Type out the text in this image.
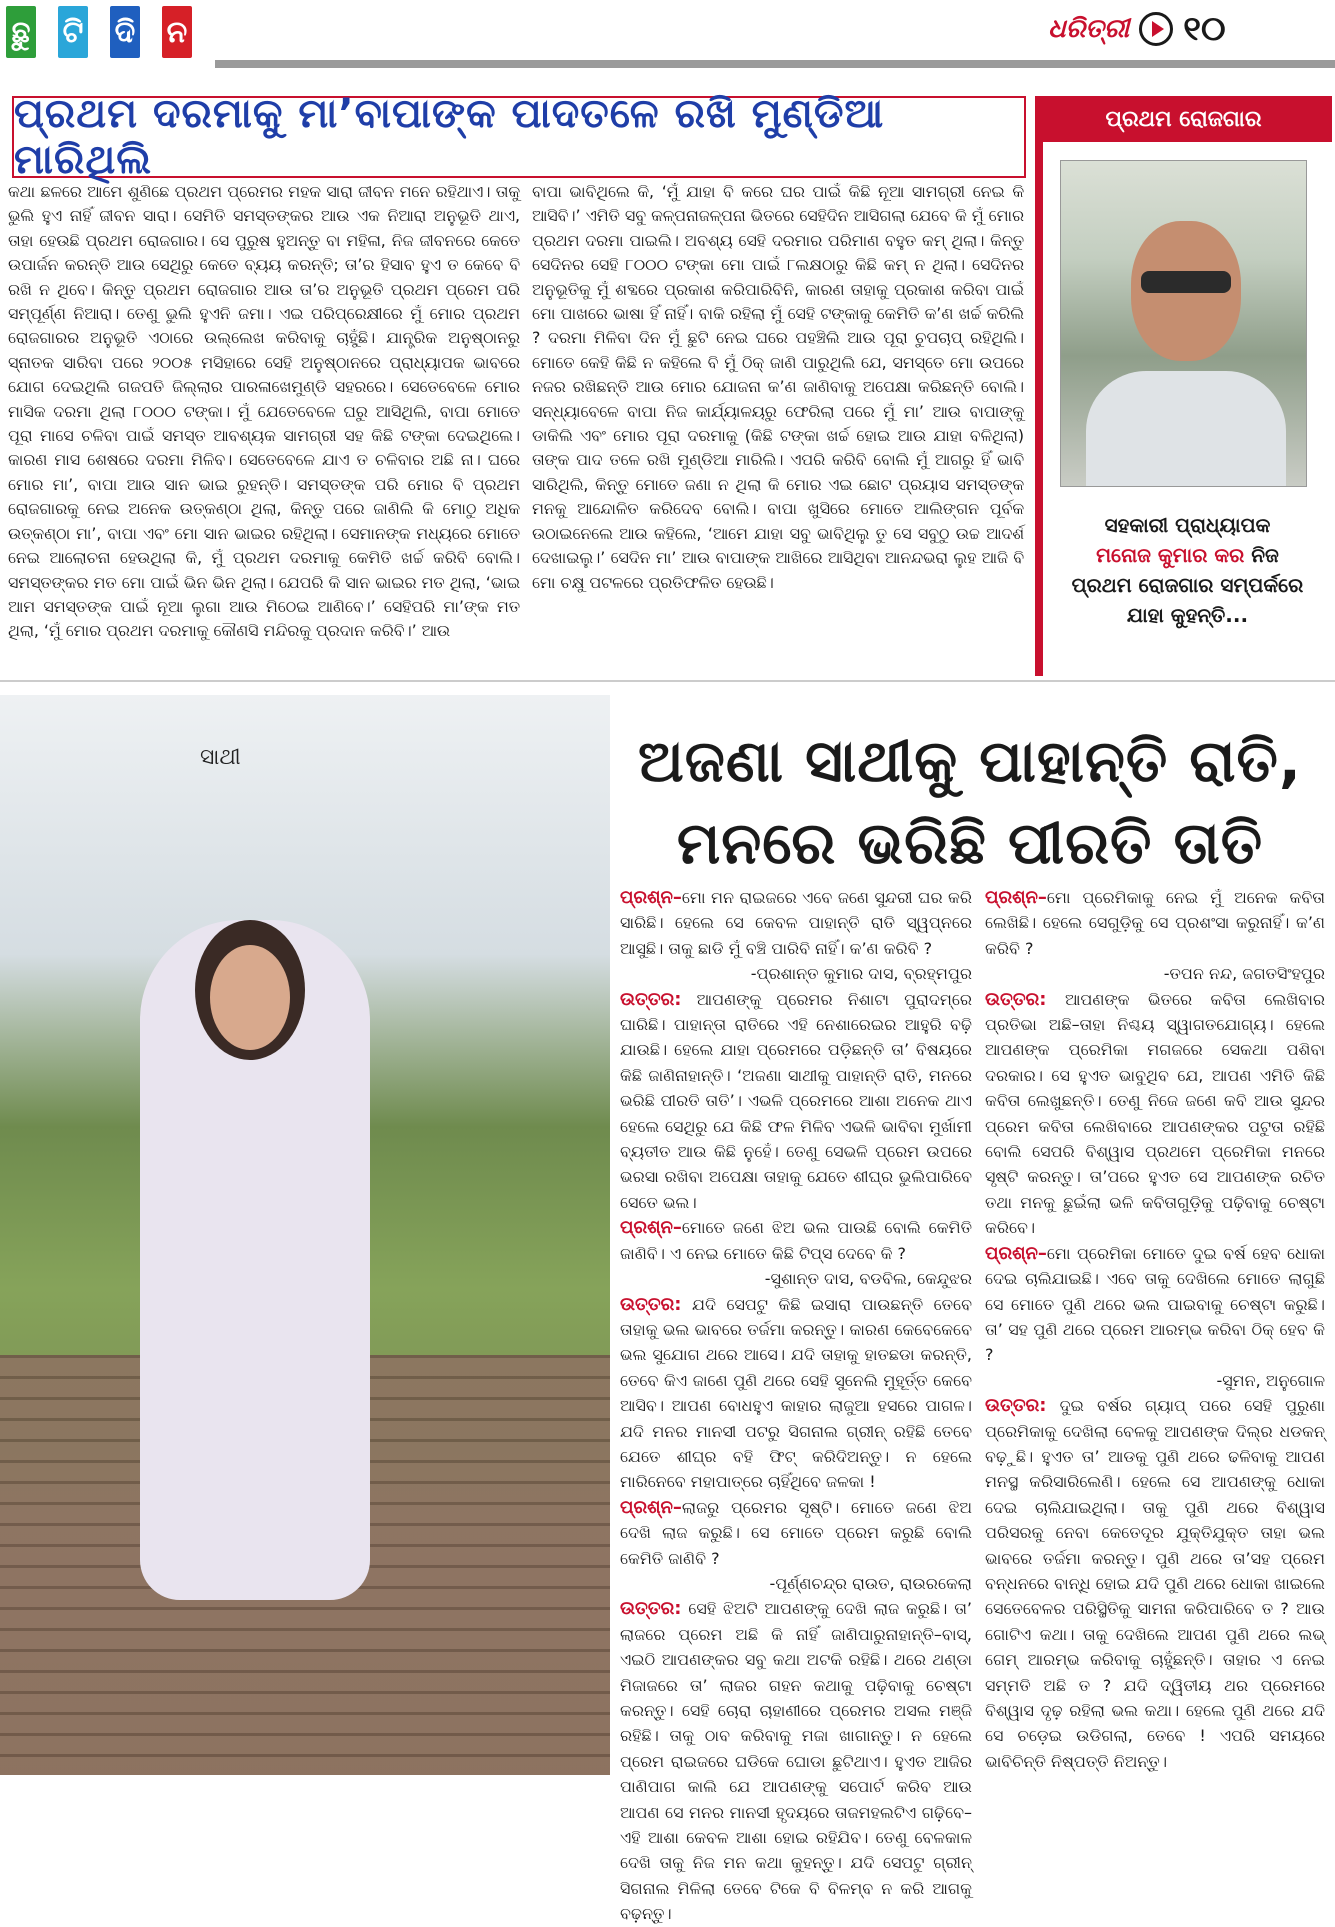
ଛୁ ଟି ଦି ନ	ଧରିତ୍ରୀ ୧୦
ପ୍ରଥମ ଦରମାକୁ ମା’ବାପାଙ୍କ ପାଦତଳେ ରଖି ମୁଣ୍ଡିଆ ମାରିଥିଲି
ପ୍ରଥମ ରୋଜଗାର
କଥା ଛଳରେ ଆମେ ଶୁଣିଛେ ପ୍ରଥମ ପ୍ରେମର ମହକ ସାରା ଜୀବନ ମନେ ରହିଥାଏ। ତାକୁ ଭୁଲି ହୁଏ ନାହିଁ ଜୀବନ ସାରା। ସେମିତି ସମସ୍ତଙ୍କର ଆଉ ଏକ ନିଆରା ଅନୁଭୂତି ଥାଏ, ତାହା ହେଉଛି ପ୍ରଥମ ରୋଜଗାର। ସେ ପୁରୁଷ ହୁଅନ୍ତୁ ବା ମହିଳା, ନିଜ ଜୀବନରେ କେତେ ଉପାର୍ଜନ କରନ୍ତି ଆଉ ସେଥିରୁ କେତେ ବ୍ୟୟ କରନ୍ତି; ତା’ର ହିସାବ ହୁଏ ତ କେବେ ବି ରଖି ନ ଥିବେ। କିନ୍ତୁ ପ୍ରଥମ ରୋଜଗାର ଆଉ ତା’ର ଅନୁଭୂତି ପ୍ରଥମ ପ୍ରେମ ପରି ସମ୍ପୂର୍ଣ୍ଣ ନିଆରା। ତେଣୁ ଭୁଲି ହୁଏନି ଜମା। ଏଇ ପରିପ୍ରେକ୍ଷୀରେ ମୁଁ ମୋର ପ୍ରଥମ ରୋଜଗାରର ଅନୁଭୂତି ଏଠାରେ ଉଲ୍ଲେଖ କରିବାକୁ ଚାହୁଁଛି। ଯାନ୍ତ୍ରିକ ଅନୁଷ୍ଠାନରୁ ସ୍ନାତକ ସାରିବା ପରେ ୨୦୦୫ ମସିହାରେ ସେହି ଅନୁଷ୍ଠାନରେ ପ୍ରାଧ୍ୟାପକ ଭାବରେ ଯୋଗ ଦେଇଥିଲି ଗଜପତି ଜିଲ୍ଲାର ପାରଳାଖେମୁଣ୍ଡି ସହରରେ। ସେତେବେଳେ ମୋର ମାସିକ ଦରମା ଥିଲା ୮୦୦୦ ଟଙ୍କା। ମୁଁ ଯେତେବେଳେ ଘରୁ ଆସିଥିଲି, ବାପା ମୋତେ ପୂରା ମାସେ ଚଳିବା ପାଇଁ ସମସ୍ତ ଆବଶ୍ୟକ ସାମଗ୍ରୀ ସହ କିଛି ଟଙ୍କା ଦେଇଥିଲେ। କାରଣ ମାସ ଶେଷରେ ଦରମା ମିଳିବ। ସେତେବେଳେ ଯାଏ ତ ଚଳିବାର ଅଛି ନା। ଘରେ ମୋର ମା’, ବାପା ଆଉ ସାନ ଭାଇ ରୁହନ୍ତି। ସମସ୍ତଙ୍କ ପରି ମୋର ବି ପ୍ରଥମ ରୋଜଗାରକୁ ନେଇ ଅନେକ ଉତ୍କଣ୍ଠା ଥିଲା, କିନ୍ତୁ ପରେ ଜାଣିଲି କି ମୋଠୁ ଅଧିକ ଉତ୍କଣ୍ଠା ମା’, ବାପା ଏବଂ ମୋ ସାନ ଭାଇର ରହିଥିଲା। ସେମାନଙ୍କ ମଧ୍ୟରେ ମୋତେ ନେଇ ଆଲୋଚନା ହେଉଥିଲା କି, ମୁଁ ପ୍ରଥମ ଦରମାକୁ କେମିତି ଖର୍ଚ୍ଚ କରିବି ବୋଲି। ସମସ୍ତଙ୍କର ମତ ମୋ ପାଇଁ ଭିନ ଭିନ ଥିଲା। ଯେପରି କି ସାନ ଭାଇର ମତ ଥିଲା, ‘ଭାଇ ଆମ ସମସ୍ତଙ୍କ ପାଇଁ ନୂଆ ଲୁଗା ଆଉ ମିଠେଇ ଆଣିବେ।’ ସେହିପରି ମା’ଙ୍କ ମତ ଥିଲା, ‘ମୁଁ ମୋର ପ୍ରଥମ ଦରମାକୁ କୌଣସି ମନ୍ଦିରକୁ ପ୍ରଦାନ କରିବି।’ ଆଉ
ବାପା ଭାବିଥିଲେ କି, ‘ମୁଁ ଯାହା ବି କରେ ଘର ପାଇଁ କିଛି ନୂଆ ସାମଗ୍ରୀ ନେଇ କି ଆସିବି।’ ଏମିତି ସବୁ କଳ୍ପନାଜଳ୍ପନା ଭିତରେ ସେହିଦିନ ଆସିଗଲା ଯେବେ କି ମୁଁ ମୋର ପ୍ରଥମ ଦରମା ପାଇଲି। ଅବଶ୍ୟ ସେହି ଦରମାର ପରିମାଣ ବହୁତ କମ୍ ଥିଲା। କିନ୍ତୁ ସେଦିନର ସେହି ୮୦୦୦ ଟଙ୍କା ମୋ ପାଇଁ ୮ଲକ୍ଷଠାରୁ କିଛି କମ୍ ନ ଥିଲା। ସେଦିନର ଅନୁଭୂତିକୁ ମୁଁ ଶବ୍ଦରେ ପ୍ରକାଶ କରିପାରିବିନି, କାରଣ ତାହାକୁ ପ୍ରକାଶ କରିବା ପାଇଁ ମୋ ପାଖରେ ଭାଷା ହିଁ ନାହିଁ। ବାକି ରହିଲା ମୁଁ ସେହି ଟଙ୍କାକୁ କେମିତି କ’ଣ ଖର୍ଚ୍ଚ କରିଲି ? ଦରମା ମିଳିବା ଦିନ ମୁଁ ଛୁଟି ନେଇ ଘରେ ପହଞ୍ଚିଲି ଆଉ ପୂରା ଚୁପଚାପ୍ ରହିଥିଲି। ମୋତେ କେହି କିଛି ନ କହିଲେ ବି ମୁଁ ଠିକ୍ ଜାଣି ପାରୁଥିଲି ଯେ, ସମସ୍ତେ ମୋ ଉପରେ ନଜର ରଖିଛନ୍ତି ଆଉ ମୋର ଯୋଜନା କ’ଣ ଜାଣିବାକୁ ଅପେକ୍ଷା କରିଛନ୍ତି ବୋଲି। ସନ୍ଧ୍ୟାବେଳେ ବାପା ନିଜ କାର୍ଯ୍ୟାଳୟରୁ ଫେରିଲା ପରେ ମୁଁ ମା’ ଆଉ ବାପାଙ୍କୁ ଡାକିଲି ଏବଂ ମୋର ପୂରା ଦରମାକୁ (କିଛି ଟଙ୍କା ଖର୍ଚ୍ଚ ହୋଇ ଆଉ ଯାହା ବଳିଥିଲା) ତାଙ୍କ ପାଦ ତଳେ ରଖି ମୁଣ୍ଡିଆ ମାରିଲି। ଏପରି କରିବି ବୋଲି ମୁଁ ଆଗରୁ ହିଁ ଭାବି ସାରିଥିଲି, କିନ୍ତୁ ମୋତେ ଜଣା ନ ଥିଲା କି ମୋର ଏଇ ଛୋଟ ପ୍ରୟାସ ସମସ୍ତଙ୍କ ମନକୁ ଆନ୍ଦୋଳିତ କରିଦେବ ବୋଲି। ବାପା ଖୁସିରେ ମୋତେ ଆଲିଙ୍ଗନ ପୂର୍ବକ ଉଠାଇନେଲେ ଆଉ କହିଲେ, ‘ଆମେ ଯାହା ସବୁ ଭାବିଥିଲୁ ତୁ ସେ ସବୁଠୁ ଉଚ୍ଚ ଆଦର୍ଶ ଦେଖାଇଲୁ।’ ସେଦିନ ମା’ ଆଉ ବାପାଙ୍କ ଆଖିରେ ଆସିଥିବା ଆନନ୍ଦଭରା ଲୁହ ଆଜି ବି ମୋ ଚକ୍ଷୁ ପଟଳରେ ପ୍ରତିଫଳିତ ହେଉଛି।
ସହକାରୀ ପ୍ରାଧ୍ୟାପକ
ମନୋଜ କୁମାର କର ନିଜ
ପ୍ରଥମ ରୋଜଗାର ସମ୍ପର୍କରେ
ଯାହା କୁହନ୍ତି...
ସାଥୀ	ଅଜଣା ସାଥୀକୁ ପାହାନ୍ତି ରାତି,
ମନରେ ଭରିଛି ପୀରତି ତାତି
ପ୍ରଶ୍ନ–ମୋ ମନ ରାଇଜରେ ଏବେ ଜଣେ ସୁନ୍ଦରୀ ଘର କରି ସାରିଛି। ହେଲେ ସେ କେବଳ ପାହାନ୍ତି ରାତି ସ୍ୱପ୍ନରେ ଆସୁଛି। ତାକୁ ଛାଡି ମୁଁ ବଞ୍ଚି ପାରିବି ନାହିଁ। କ’ଣ କରିବି ?
-ପ୍ରଶାନ୍ତ କୁମାର ଦାସ, ବ୍ରହ୍ମପୁର
ଉତ୍ତର: ଆପଣଙ୍କୁ ପ୍ରେମର ନିଶାଟା ପୁରାଦମ୍‌ରେ ଘାରିଛି। ପାହାନ୍ତା ରାତିରେ ଏହି ନେଶାରେଇର ଆହୁରି ବଢ଼ି ଯାଉଛି। ହେଲେ ଯାହା ପ୍ରେମରେ ପଡ଼ିଛନ୍ତି ତା’ ବିଷୟରେ କିଛି ଜାଣିନାହାନ୍ତି। ‘ଅଜଣା ସାଥୀକୁ ପାହାନ୍ତି ରାତି, ମନରେ ଭରିଛି ପୀରତି ତାତି’। ଏଭଳି ପ୍ରେମରେ ଆଶା ଅନେକ ଥାଏ ହେଲେ ସେଥିରୁ ଯେ କିଛି ଫଳ ମିଳିବ ଏଭଳି ଭାବିବା ମୁର୍ଖାମୀ ବ୍ୟତୀତ ଆଉ କିଛି ନୁହେଁ। ତେଣୁ ସେଭଳି ପ୍ରେମ ଉପରେ ଭରସା ରଖିବା ଅପେକ୍ଷା ତାହାକୁ ଯେତେ ଶୀଘ୍ର ଭୁଲିପାରିବେ ସେତେ ଭଲ।
ପ୍ରଶ୍ନ–ମୋତେ ଜଣେ ଝିଅ ଭଲ ପାଉଛି ବୋଲି କେମିତି ଜାଣିବି। ଏ ନେଇ ମୋତେ କିଛି ଟିପ୍ସ ଦେବେ କି ?
-ସୁଶାନ୍ତ ଦାସ, ବଡବିଲ, କେନ୍ଦୁଝର
ଉତ୍ତର: ଯଦି ସେପଟୁ କିଛି ଇସାରା ପାଉଛନ୍ତି ତେବେ ତାହାକୁ ଭଲ ଭାବରେ ତର୍ଜମା କରନ୍ତୁ। କାରଣ କେବେକେବେ ଭଲ ସୁଯୋଗ ଥରେ ଆସେ। ଯଦି ତାହାକୁ ହାତଛଡା କରନ୍ତି, ତେବେ କିଏ ଜାଣେ ପୁଣି ଥରେ ସେହି ସୁନେଲି ମୁହୂର୍ତ୍ତ କେବେ ଆସିବ। ଆପଣ ବୋଧହୁଏ କାହାର ଲାଜୁଆ ହସରେ ପାଗଳ। ଯଦି ମନର ମାନସୀ ପଟରୁ ସିଗନାଲ ଗ୍ରୀନ୍ ରହିଛି ତେବେ ଯେତେ ଶୀଘ୍ର ବହି ଫିଟ୍ କରିଦିଅନ୍ତୁ। ନ ହେଲେ ମାରିନେବେ ମହାପାତ୍ରେ ଚାହିଁଥିବେ ଜଳକା !
ପ୍ରଶ୍ନ–ଲାଜରୁ ପ୍ରେମର ସୃଷ୍ଟି। ମୋତେ ଜଣେ ଝିଅ ଦେଖି ଲାଜ କରୁଛି। ସେ ମୋତେ ପ୍ରେମ କରୁଛି ବୋଲି କେମିତି ଜାଣିବି ?
-ପୂର୍ଣ୍ଣଚନ୍ଦ୍ର ରାଉତ, ରାଉରକେଲା
ଉତ୍ତର: ସେହି ଝିଅଟି ଆପଣଙ୍କୁ ଦେଖି ଲାଜ କରୁଛି। ତା’ ଲାଜରେ ପ୍ରେମ ଅଛି କି ନାହିଁ ଜାଣିପାରୁନାହାନ୍ତି–ବାସ୍, ଏଇଠି ଆପଣଙ୍କର ସବୁ କଥା ଅଟକି ରହିଛି। ଥରେ ଥଣ୍ଡା ମିଜାଜରେ ତା’ ଲାଜର ଗହନ କଥାକୁ ପଢ଼ିବାକୁ ଚେଷ୍ଟା କରନ୍ତୁ। ସେହି ଚୋରା ଚାହାଣୀରେ ପ୍ରେମର ଅସଲ ମଞ୍ଜି ରହିଛି। ତାକୁ ଠାବ କରିବାକୁ ମଜା ଖାଗାନ୍ତୁ। ନ ହେଲେ ପ୍ରେମ ରାଇଜରେ ଘଡିକେ ଘୋଡା ଛୁଟିଥାଏ। ହୁଏତ ଆଜିର ପାଣିପାଗ କାଲି ଯେ ଆପଣଙ୍କୁ ସପୋର୍ଟ କରିବ ଆଉ ଆପଣ ସେ ମନର ମାନସୀ ହୃଦୟରେ ତାଜମହଲଟିଏ ଗଢ଼ିବେ–ଏହି ଆଶା କେବଳ ଆଶା ହୋଇ ରହିଯିବ। ତେଣୁ ବେଳକାଳ ଦେଖି ତାକୁ ନିଜ ମନ କଥା କୁହନ୍ତୁ। ଯଦି ସେପଟୁ ଗ୍ରୀନ୍ ସିଗନାଲ ମିଳିଲା ତେବେ ଟିକେ ବି ବିଳମ୍ବ ନ କରି ଆଗକୁ ବଢ଼ନ୍ତୁ।
ପ୍ରଶ୍ନ–ମୋ ପ୍ରେମିକାକୁ ନେଇ ମୁଁ ଅନେକ କବିତା ଲେଖିଛି। ହେଲେ ସେଗୁଡ଼ିକୁ ସେ ପ୍ରଶଂସା କରୁନାହିଁ। କ’ଣ କରିବି ?
-ତପନ ନନ୍ଦ, ଜଗତସିଂହପୁର
ଉତ୍ତର: ଆପଣଙ୍କ ଭିତରେ କବିତା ଲେଖିବାର ପ୍ରତିଭା ଅଛି–ତାହା ନିଶ୍ଚୟ ସ୍ୱାଗତଯୋଗ୍ୟ। ହେଲେ ଆପଣଙ୍କ ପ୍ରେମିକା ମଗଜରେ ସେକଥା ପଶିବା ଦରକାର। ସେ ହୁଏତ ଭାବୁଥିବ ଯେ, ଆପଣ ଏମିତି କିଛି କବିତା ଲେଖୁଛନ୍ତି। ତେଣୁ ନିଜେ ଜଣେ କବି ଆଉ ସୁନ୍ଦର ପ୍ରେମ କବିତା ଲେଖିବାରେ ଆପଣଙ୍କର ପଟୁତା ରହିଛି ବୋଲି ସେପରି ବିଶ୍ୱାସ ପ୍ରଥମେ ପ୍ରେମିକା ମନରେ ସୃଷ୍ଟି କରନ୍ତୁ। ତା’ପରେ ହୁଏତ ସେ ଆପଣଙ୍କ ରଚିତ ତଥା ମନକୁ ଛୁଇଁଲା ଭଳି କବିତାଗୁଡ଼ିକୁ ପଢ଼ିବାକୁ ଚେଷ୍ଟା କରିବେ।
ପ୍ରଶ୍ନ–ମୋ ପ୍ରେମିକା ମୋତେ ଦୁଇ ବର୍ଷ ହେବ ଧୋକା ଦେଇ ଚାଲିଯାଇଛି। ଏବେ ତାକୁ ଦେଖିଲେ ମୋତେ ଲାଗୁଛି ସେ ମୋତେ ପୁଣି ଥରେ ଭଲ ପାଇବାକୁ ଚେଷ୍ଟା କରୁଛି। ତା’ ସହ ପୁଣି ଥରେ ପ୍ରେମ ଆରମ୍ଭ କରିବା ଠିକ୍ ହେବ କି ?
-ସୁମନ, ଅନୁଗୋଳ
ଉତ୍ତର: ଦୁଇ ବର୍ଷର ଗ୍ୟାପ୍ ପରେ ସେହି ପୁରୁଣା ପ୍ରେମିକାକୁ ଦେଖିଲା ବେଳକୁ ଆପଣଙ୍କ ଦିଲ୍‌ର ଧଡକନ୍ ବଢ଼ୁଛି। ହୁଏତ ତା’ ଆଡକୁ ପୁଣି ଥରେ ଢଳିବାକୁ ଆପଣ ମନସ୍ଥ କରିସାରିଲେଣି। ହେଲେ ସେ ଆପଣଙ୍କୁ ଧୋକା ଦେଇ ଚାଲିଯାଇଥିଲା। ତାକୁ ପୁଣି ଥରେ ବିଶ୍ୱାସ ପରିସରକୁ ନେବା କେତେଦୂର ଯୁକ୍ତିଯୁକ୍ତ ତାହା ଭଲ ଭାବରେ ତର୍ଜମା କରନ୍ତୁ। ପୁଣି ଥରେ ତା’ସହ ପ୍ରେମ ବନ୍ଧନରେ ବାନ୍ଧି ହୋଇ ଯଦି ପୁଣି ଥରେ ଧୋକା ଖାଇଲେ ସେତେବେଳର ପରିସ୍ଥିତିକୁ ସାମନା କରିପାରିବେ ତ ? ଆଉ ଗୋଟିଏ କଥା। ତାକୁ ଦେଖିଲେ ଆପଣ ପୁଣି ଥରେ ଲଭ୍ ଗେମ୍ ଆରମ୍ଭ କରିବାକୁ ଚାହୁଁଛନ୍ତି। ତାହାର ଏ ନେଇ ସମ୍ମତି ଅଛି ତ ? ଯଦି ଦ୍ୱିତୀୟ ଥର ପ୍ରେମରେ ବିଶ୍ୱାସ ଦୃଢ଼ ରହିଲା ଭଲ କଥା। ହେଲେ ପୁଣି ଥରେ ଯଦି ସେ ଚଡ଼େଇ ଉଡିଗଲା, ତେବେ ! ଏପରି ସମୟରେ ଭାବିଚିନ୍ତି ନିଷ୍ପତ୍ତି ନିଅନ୍ତୁ।
